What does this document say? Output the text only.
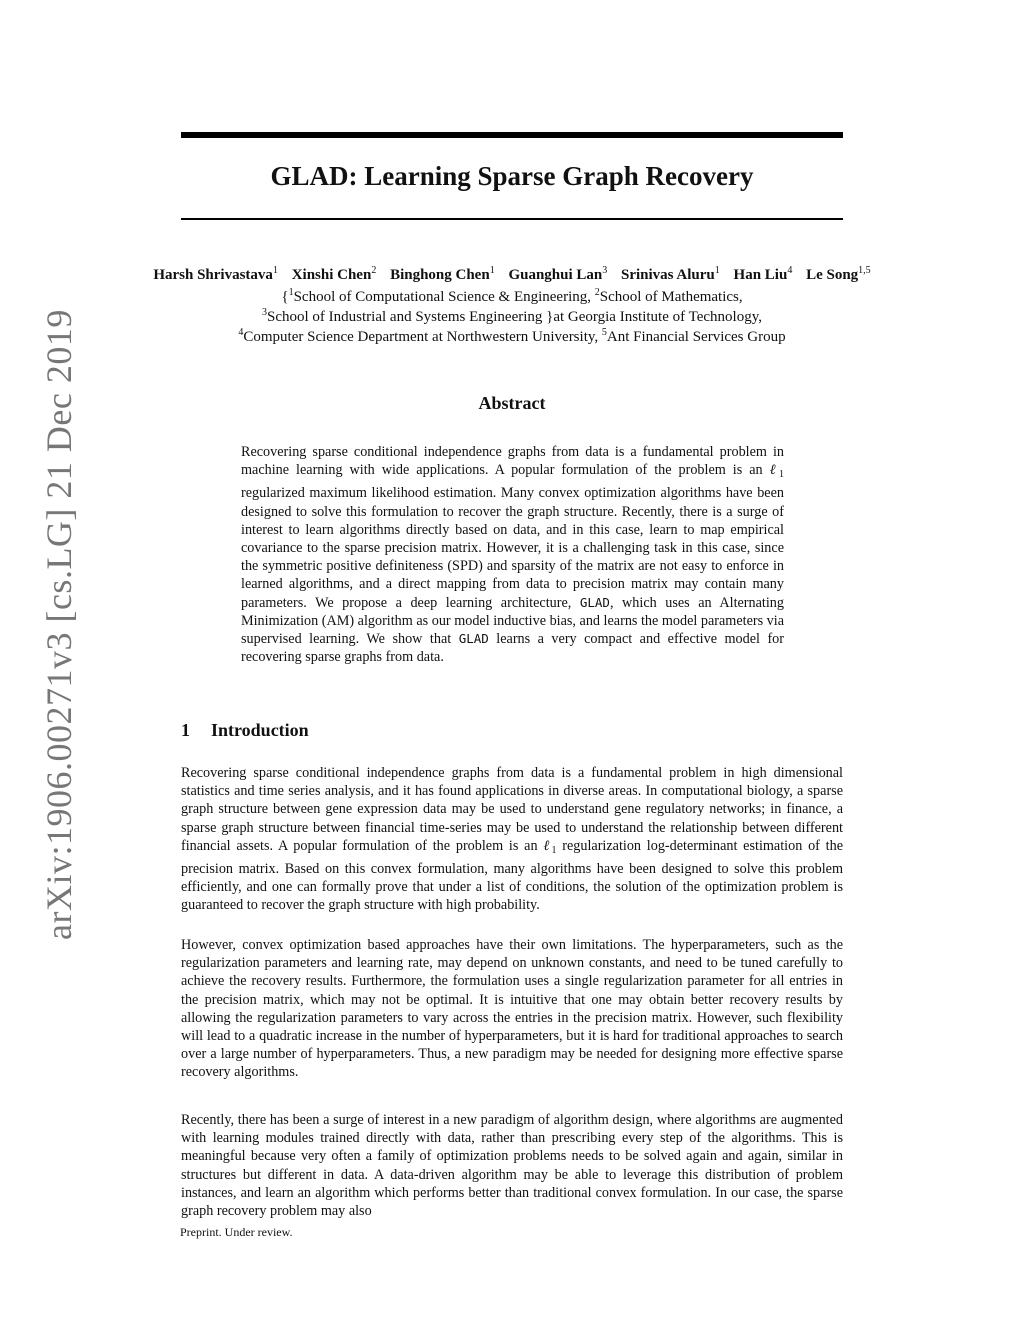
arXiv:1906.00271v3 [cs.LG] 21 Dec 2019
GLAD: Learning Sparse Graph Recovery
Harsh Shrivastava$^1$ Xinshi Chen$^2$ Binghong Chen$^1$ Guanghui Lan$^3$ Srinivas Aluru$^1$ Han Liu$^4$ Le Song$^{1,5}$
{$^1$School of Computational Science & Engineering, $^2$School of Mathematics,
$^3$School of Industrial and Systems Engineering }at Georgia Institute of Technology,
$^4$Computer Science Department at Northwestern University, $^5$Ant Financial Services Group
Abstract

Recovering sparse conditional independence graphs from data is a fundamental problem in machine learning with wide applications. A popular formulation of the problem is an ℓ$_1$ regularized maximum likelihood estimation. Many convex optimization algorithms have been designed to solve this formulation to recover the graph structure. Recently, there is a surge of interest to learn algorithms directly based on data, and in this case, learn to map empirical covariance to the sparse precision matrix. However, it is a challenging task in this case, since the symmetric positive definiteness (SPD) and sparsity of the matrix are not easy to enforce in learned algorithms, and a direct mapping from data to precision matrix may contain many parameters. We propose a deep learning architecture, GLAD, which uses an Alternating Minimization (AM) algorithm as our model inductive bias, and learns the model parameters via supervised learning. We show that GLAD learns a very compact and effective model for recovering sparse graphs from data.

1 Introduction

Recovering sparse conditional independence graphs from data is a fundamental problem in high dimensional statistics and time series analysis, and it has found applications in diverse areas. In computational biology, a sparse graph structure between gene expression data may be used to understand gene regulatory networks; in finance, a sparse graph structure between financial time-series may be used to understand the relationship between different financial assets. A popular formulation of the problem is an ℓ$_1$ regularization log-determinant estimation of the precision matrix. Based on this convex formulation, many algorithms have been designed to solve this problem efficiently, and one can formally prove that under a list of conditions, the solution of the optimization problem is guaranteed to recover the graph structure with high probability.

However, convex optimization based approaches have their own limitations. The hyperparameters, such as the regularization parameters and learning rate, may depend on unknown constants, and need to be tuned carefully to achieve the recovery results. Furthermore, the formulation uses a single regularization parameter for all entries in the precision matrix, which may not be optimal. It is intuitive that one may obtain better recovery results by allowing the regularization parameters to vary across the entries in the precision matrix. However, such flexibility will lead to a quadratic increase in the number of hyperparameters, but it is hard for traditional approaches to search over a large number of hyperparameters. Thus, a new paradigm may be needed for designing more effective sparse recovery algorithms.

Recently, there has been a surge of interest in a new paradigm of algorithm design, where algorithms are augmented with learning modules trained directly with data, rather than prescribing every step of the algorithms. This is meaningful because very often a family of optimization problems needs to be solved again and again, similar in structures but different in data. A data-driven algorithm may be able to leverage this distribution of problem instances, and learn an algorithm which performs better than traditional convex formulation. In our case, the sparse graph recovery problem may also

Preprint. Under review.
